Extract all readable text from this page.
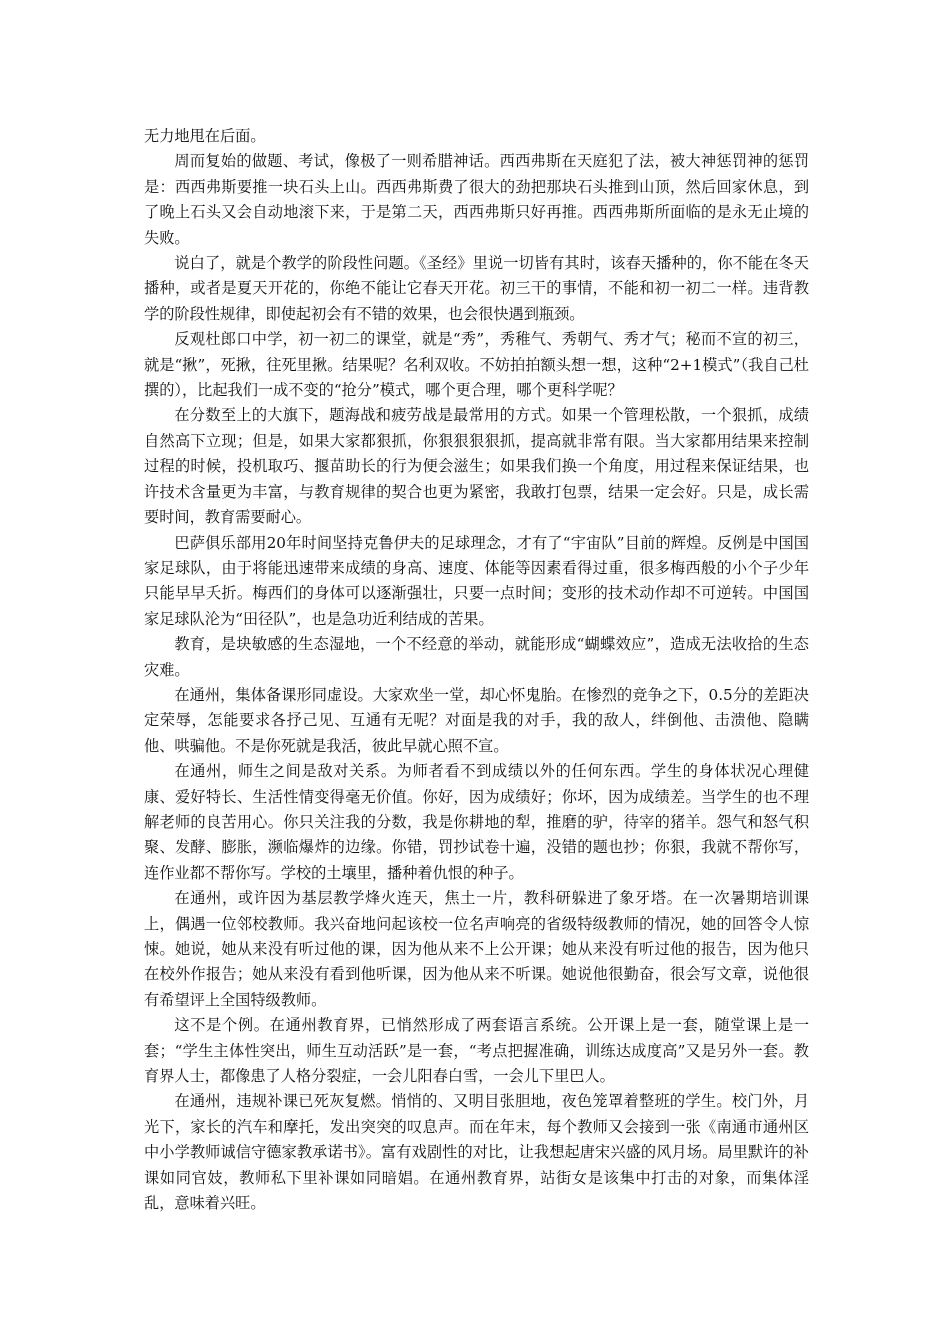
无力地甩在后面。

周而复始的做题、考试，像极了一则希腊神话。西西弗斯在天庭犯了法，被大神惩罚神的惩罚是：西西弗斯要推一块石头上山。西西弗斯费了很大的劲把那块石头推到山顶，然后回家休息，到了晚上石头又会自动地滚下来，于是第二天，西西弗斯只好再推。西西弗斯所面临的是永无止境的失败。

说白了，就是个教学的阶段性问题。《圣经》里说一切皆有其时，该春天播种的，你不能在冬天播种，或者是夏天开花的，你绝不能让它春天开花。初三干的事情，不能和初一初二一样。违背教学的阶段性规律，即使起初会有不错的效果，也会很快遇到瓶颈。

反观杜郎口中学，初一初二的课堂，就是“秀”，秀稚气、秀朝气、秀才气；秘而不宣的初三，就是“揪”，死揪，往死里揪。结果呢？名利双收。不妨拍拍额头想一想，这种“2+1模式”（我自己杜撰的），比起我们一成不变的“抢分”模式，哪个更合理，哪个更科学呢？

在分数至上的大旗下，题海战和疲劳战是最常用的方式。如果一个管理松散，一个狠抓，成绩自然高下立现；但是，如果大家都狠抓，你狠狠狠狠抓，提高就非常有限。当大家都用结果来控制过程的时候，投机取巧、揠苗助长的行为便会滋生；如果我们换一个角度，用过程来保证结果，也许技术含量更为丰富，与教育规律的契合也更为紧密，我敢打包票，结果一定会好。只是，成长需要时间，教育需要耐心。

巴萨俱乐部用20年时间坚持克鲁伊夫的足球理念，才有了“宇宙队”目前的辉煌。反例是中国国家足球队，由于将能迅速带来成绩的身高、速度、体能等因素看得过重，很多梅西般的小个子少年只能早早夭折。梅西们的身体可以逐渐强壮，只要一点时间；变形的技术动作却不可逆转。中国国家足球队沦为“田径队”，也是急功近利结成的苦果。

教育，是块敏感的生态湿地，一个不经意的举动，就能形成“蝴蝶效应”，造成无法收拾的生态灾难。

在通州，集体备课形同虚设。大家欢坐一堂，却心怀鬼胎。在惨烈的竞争之下，0.5分的差距决定荣辱，怎能要求各抒己见、互通有无呢？对面是我的对手，我的敌人，绊倒他、击溃他、隐瞒他、哄骗他。不是你死就是我活，彼此早就心照不宣。

在通州，师生之间是敌对关系。为师者看不到成绩以外的任何东西。学生的身体状况心理健康、爱好特长、生活性情变得毫无价值。你好，因为成绩好；你坏，因为成绩差。当学生的也不理解老师的良苦用心。你只关注我的分数，我是你耕地的犁，推磨的驴，待宰的猪羊。怨气和怒气积聚、发酵、膨胀，濒临爆炸的边缘。你错，罚抄试卷十遍，没错的题也抄；你狠，我就不帮你写，连作业都不帮你写。学校的土壤里，播种着仇恨的种子。

在通州，或许因为基层教学烽火连天，焦土一片，教科研躲进了象牙塔。在一次暑期培训课上，偶遇一位邻校教师。我兴奋地问起该校一位名声响亮的省级特级教师的情况，她的回答令人惊悚。她说，她从来没有听过他的课，因为他从来不上公开课；她从来没有听过他的报告，因为他只在校外作报告；她从来没有看到他听课，因为他从来不听课。她说他很勤奋，很会写文章，说他很有希望评上全国特级教师。

这不是个例。在通州教育界，已悄然形成了两套语言系统。公开课上是一套，随堂课上是一套；“学生主体性突出，师生互动活跃”是一套，“考点把握准确，训练达成度高”又是另外一套。教育界人士，都像患了人格分裂症，一会儿阳春白雪，一会儿下里巴人。

在通州，违规补课已死灰复燃。悄悄的、又明目张胆地，夜色笼罩着整班的学生。校门外，月光下，家长的汽车和摩托，发出突突的叹息声。而在年末，每个教师又会接到一张《南通市通州区中小学教师诚信守德家教承诺书》。富有戏剧性的对比，让我想起唐宋兴盛的风月场。局里默许的补课如同官妓，教师私下里补课如同暗娼。在通州教育界，站街女是该集中打击的对象，而集体淫乱，意味着兴旺。
